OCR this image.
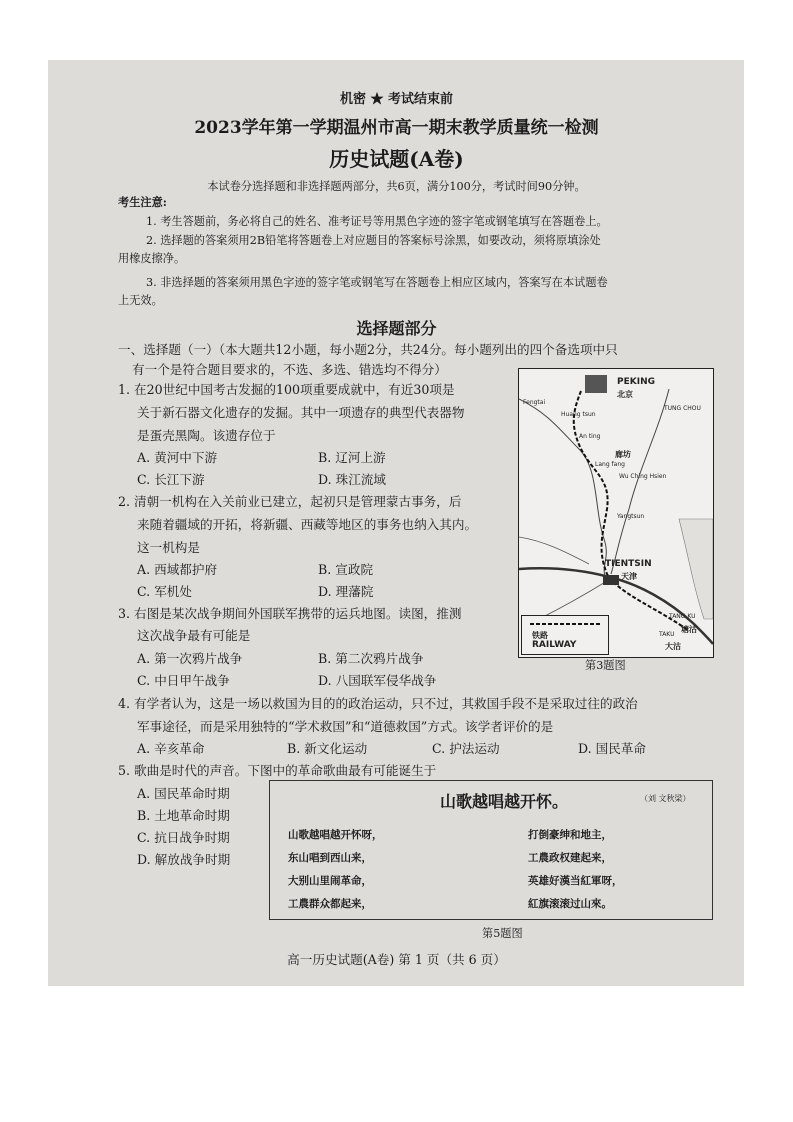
机密 ★ 考试结束前
2023学年第一学期温州市高一期末教学质量统一检测
历史试题(A卷)
本试卷分选择题和非选择题两部分，共6页，满分100分，考试时间90分钟。
考生注意:
1. 考生答题前，务必将自己的姓名、准考证号等用黑色字迹的签字笔或钢笔填写在答题卷上。
2. 选择题的答案须用2B铅笔将答题卷上对应题目的答案标号涂黑，如要改动，须将原填涂处
用橡皮擦净。
3. 非选择题的答案须用黑色字迹的签字笔或钢笔写在答题卷上相应区域内，答案写在本试题卷
上无效。
选择题部分
一、选择题（一）（本大题共12小题，每小题2分，共24分。每小题列出的四个备选项中只
有一个是符合题目要求的，不选、多选、错选均不得分）
1. 在20世纪中国考古发掘的100项重要成就中，有近30项是
关于新石器文化遗存的发掘。其中一项遗存的典型代表器物
是蛋壳黑陶。该遗存位于
A. 黄河中下游	B. 辽河上游
C. 长江下游	D. 珠江流域
2. 清朝一机构在入关前业已建立，起初只是管理蒙古事务，后
来随着疆域的开拓，将新疆、西藏等地区的事务也纳入其内。
这一机构是
A. 西域都护府	B. 宣政院
C. 军机处	D. 理藩院
3. 右图是某次战争期间外国联军携带的运兵地图。读图，推测
这次战争最有可能是
A. 第一次鸦片战争	B. 第二次鸦片战争
C. 中日甲午战争	D. 八国联军侵华战争
PEKING
北京
TUNG CHOU
Fengtai
Huang tsun
An ting
廊坊
Lang fang
Wu Ching Hsien
Yangtsun
TIENTSIN
天津
TANG KU
塘沽
TAKU
大沽
铁路
RAILWAY
第3题图
4. 有学者认为，这是一场以救国为目的的政治运动，只不过，其救国手段不是采取过往的政治
军事途径，而是采用独特的“学术救国”和“道德救国”方式。该学者评价的是
A. 辛亥革命	B. 新文化运动	C. 护法运动	D. 国民革命
5. 歌曲是时代的声音。下图中的革命歌曲最有可能诞生于
A. 国民革命时期
B. 土地革命时期
C. 抗日战争时期
D. 解放战争时期
山歌越唱越开怀。	（刘 文秋梁）
山歌越唱越开怀呀，
东山唱到西山来，
大别山里闹革命，
工農群众都起来，
打倒豪绅和地主，
工農政权建起来，
英雄好漢当紅軍呀，
紅旗滚滚过山來。
第5题图
高一历史试题(A卷) 第 1 页（共 6 页）
